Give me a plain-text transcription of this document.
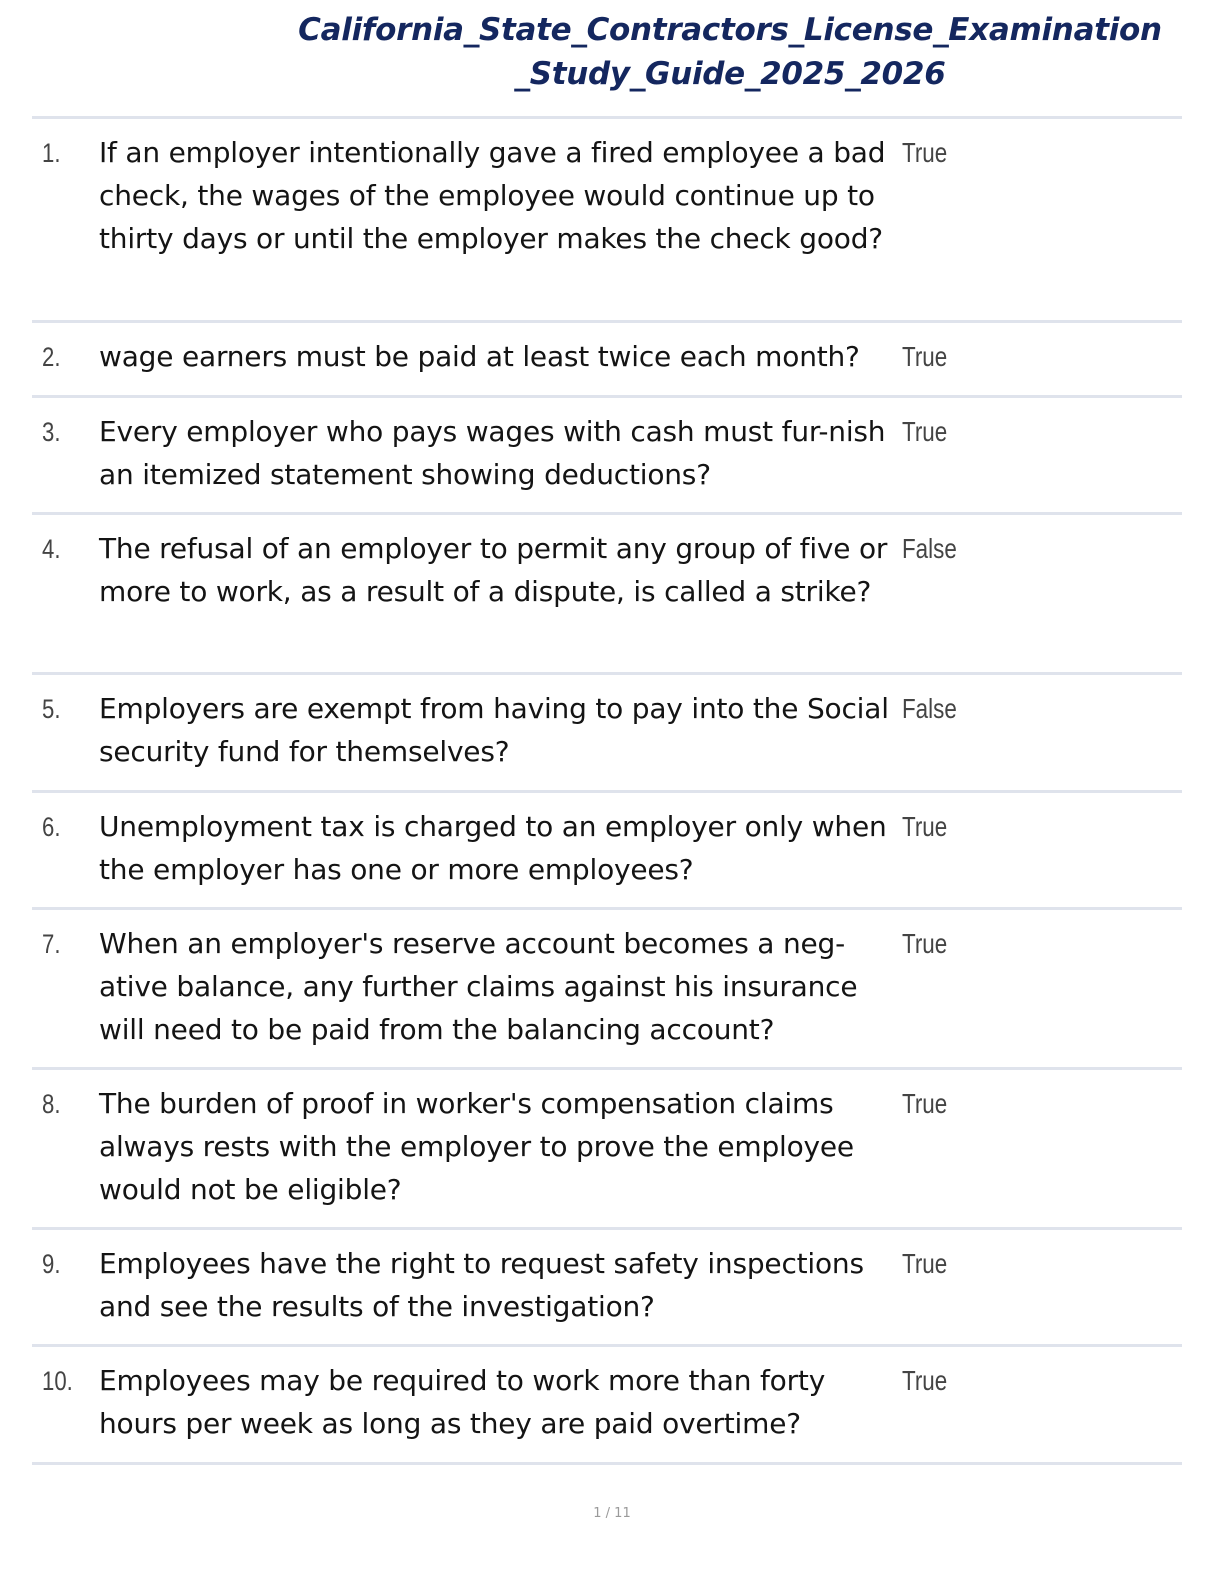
California_State_Contractors_License_Examination
_Study_Guide_2025_2026
1. If an employer intentionally gave a fired employee a bad check, the wages of the employee would continue up to thirty days or until the employer makes the check good?
True
2. wage earners must be paid at least twice each month?	True
3. Every employer who pays wages with cash must fur-nish an itemized statement showing deductions?
True
4. The refusal of an employer to permit any group of five or more to work, as a result of a dispute, is called a strike?
False
5. Employers are exempt from having to pay into the Social security fund for themselves?
False
6. Unemployment tax is charged to an employer only when the employer has one or more employees?
True
7. When an employer's reserve account becomes a neg-ative balance, any further claims against his insurance will need to be paid from the balancing account?
True
8. The burden of proof in worker's compensation claims always rests with the employer to prove the employee would not be eligible?
True
9. Employees have the right to request safety inspections and see the results of the investigation?
True
10. Employees may be required to work more than forty hours per week as long as they are paid overtime?
True
1 / 11
